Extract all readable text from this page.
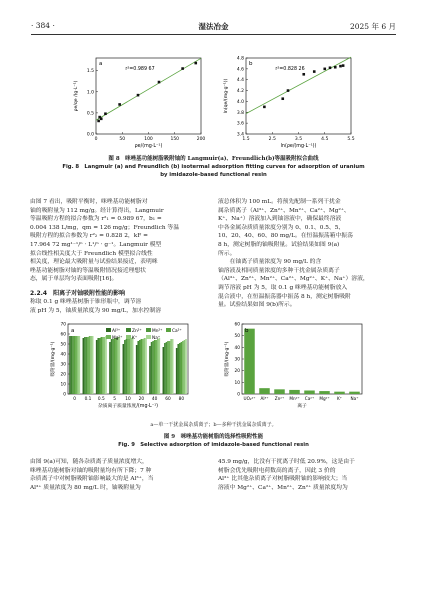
· 384 ·	湿法冶金	2025 年 6 月
0	50	100	150	200
0.0
0.5
1.0
1.5
a
r²=0.989 67
ρe/(mg·L⁻¹)
ρe/qe /(g·L⁻¹)
1.5	2.5	3.5	4.5	5.5
3.4
3.6
3.8
4.0
4.2
4.4
4.6
4.8
b
r²=0.828 26
ln(ρe/(mg·L⁻¹))
ln(qe/(mg·g⁻¹))
图 8　咪唑基功能树脂吸附铀的 Langmuir(a)、Freundlich(b)等温吸附拟合曲线
Fig. 8　Langmuir (a) and Freundlich (b) isotermal adsorption fitting curves for adsorption of uranium
by imidazole-based functional resin
由图 7 看出，吸附平衡时，咪唑基功能树脂对
铀的吸附量为 112 mg/g。经计算得出，Langmuir
等温吸附方程的拟合参数为 r²₁ = 0.989 67，b₁ =
0.004 138 L/mg，qm = 126 mg/g；Freundlich 等温
吸附方程的拟合参数为 r²₂ = 0.828 2，kF =
17.964 72 mg¹⁻¹/ⁿ · L¹/ⁿ · g⁻¹。Langmuir 模型
拟合线性相关度大于 Freundlich 模型拟合线性
相关度，理论最大吸附量与试验结果接近，表明咪
唑基功能树脂对铀的等温吸附情况接近理想状
态，属于单层均匀表面吸附[16]。
2.2.4　阳离子对铀吸附性能的影响
称取 0.1 g 咪唑基树脂于锥形瓶中，调节溶
液 pH 为 5，铀质量浓度为 90 mg/L，加水控制溶
液总体积为 100 mL。将预先配制一系列干扰金
属杂质离子（Al³⁺、Zn²⁺、Mn²⁺、Ca²⁺、Mg²⁺、
K⁺、Na⁺）溶液加入到铀溶液中，确保最终溶液
中各金属杂质质量浓度分别为 0、0.1、0.5、5、
10、20、40、60、80 mg/L。在恒温振荡箱中振荡
8 h，测定树脂的铀吸附量。试验结果如图 9(a)
所示。
　　在铀离子质量浓度为 90 mg/L 的含
铀溶液及相同质量浓度的多种干扰金属杂质离子
（Al³⁺、Zn²⁺、Mn²⁺、Ca²⁺、Mg²⁺、K⁺、Na⁺）溶液，
调节溶液 pH 为 5，取 0.1 g 咪唑基功能树脂放入
混合液中，在恒温振荡器中振荡 8 h，测定树脂吸附
量。试验结果如图 9(b)所示。
0
10
20
30
40
50
60
70
0 0.1 0.5 5 10 20 40 60 80
Al³⁺	Zn²⁺ Mn²⁺ Ca²⁺
Mg²⁺ K⁺	Na⁺
a
杂质离子质量浓度/(mg·L⁻¹)
吸附量/(mg·g⁻¹)
0
10
20
30
40
50
60
UO₂²⁺ Al³⁺ Zn²⁺ Mn²⁺ Ca²⁺ Mg²⁺ K⁺ Na⁺
b
离子
吸附量/(mg·g⁻¹)
a—单一干扰金属杂质离子；b—多种干扰金属杂质离子。
图 9　咪唑基功能树脂的选择性吸附性能
Fig. 9　Selective adsorption of imidazole-based functional resin
由图 9(a)可知，随各杂质离子质量浓度增大，
咪唑基功能树脂对铀的吸附量均有所下降；7 种
杂质离子中对树脂吸附铀影响最大的是 Al³⁺，当
Al³⁺ 质量浓度为 80 mg/L 时，铀吸附量为
45.9 mg/g，比没有干扰离子时低 20.9%，这是由于
树脂会优先吸附电荷数高的离子，因此 3 价的
Al³⁺ 比其他杂质离子对树脂吸附铀的影响较大；当
溶液中 Mg²⁺、Ca²⁺、Mn²⁺、Zn²⁺ 质量浓度均为
